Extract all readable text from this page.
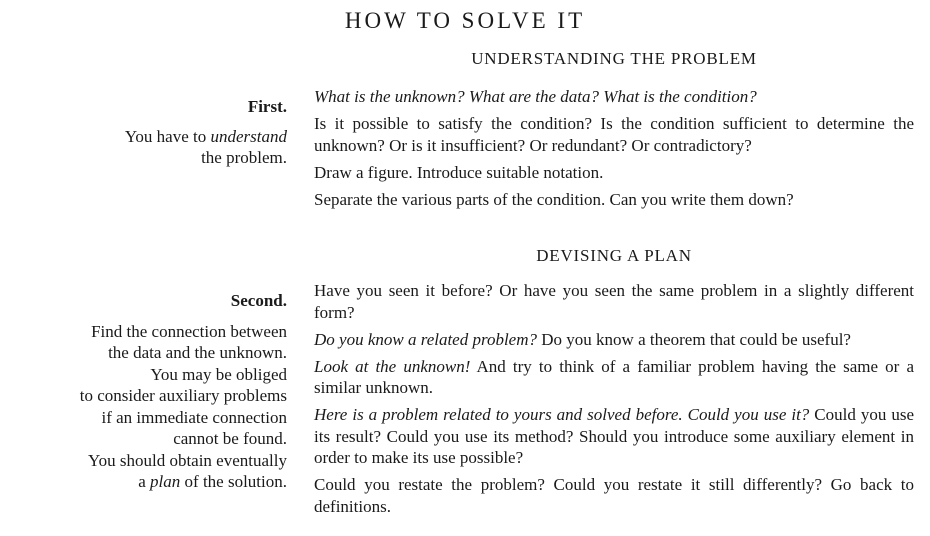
HOW TO SOLVE IT
UNDERSTANDING THE PROBLEM
First.
You have to understand
the problem.

What is the unknown? What are the data? What is the condition?

Is it possible to satisfy the condition? Is the condition sufficient to determine the unknown? Or is it insufficient? Or redundant? Or contradictory?

Draw a figure. Introduce suitable notation.

Separate the various parts of the condition. Can you write them down?

DEVISING A PLAN
Second.
Find the connection between
the data and the unknown.
You may be obliged
to consider auxiliary problems
if an immediate connection
cannot be found.
You should obtain eventually
a plan of the solution.

Have you seen it before? Or have you seen the same problem in a slightly different form?

Do you know a related problem? Do you know a theorem that could be useful?

Look at the unknown! And try to think of a familiar problem having the same or a similar unknown.

Here is a problem related to yours and solved before. Could you use it? Could you use its result? Could you use its method? Should you introduce some auxiliary element in order to make its use possible?

Could you restate the problem? Could you restate it still differently? Go back to definitions.
